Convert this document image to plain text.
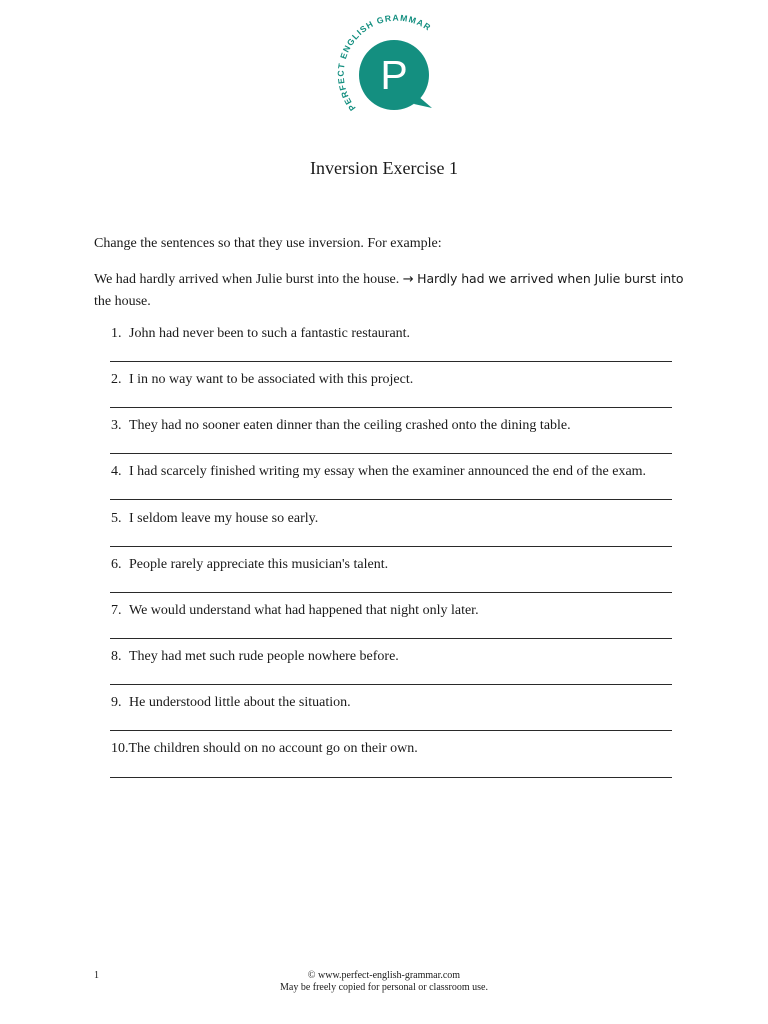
PERFECT ENGLISH GRAMMAR
P
Inversion Exercise 1
Change the sentences so that they use inversion. For example:
We had hardly arrived when Julie burst into the house. → Hardly had we arrived when Julie burst into
the house.
1. John had never been to such a fantastic restaurant.
2. I in no way want to be associated with this project.
3. They had no sooner eaten dinner than the ceiling crashed onto the dining table.
4. I had scarcely finished writing my essay when the examiner announced the end of the exam.
5. I seldom leave my house so early.
6. People rarely appreciate this musician's talent.
7. We would understand what had happened that night only later.
8. They had met such rude people nowhere before.
9. He understood little about the situation.
10.The children should on no account go on their own.
1	© www.perfect-english-grammar.com
May be freely copied for personal or classroom use.
